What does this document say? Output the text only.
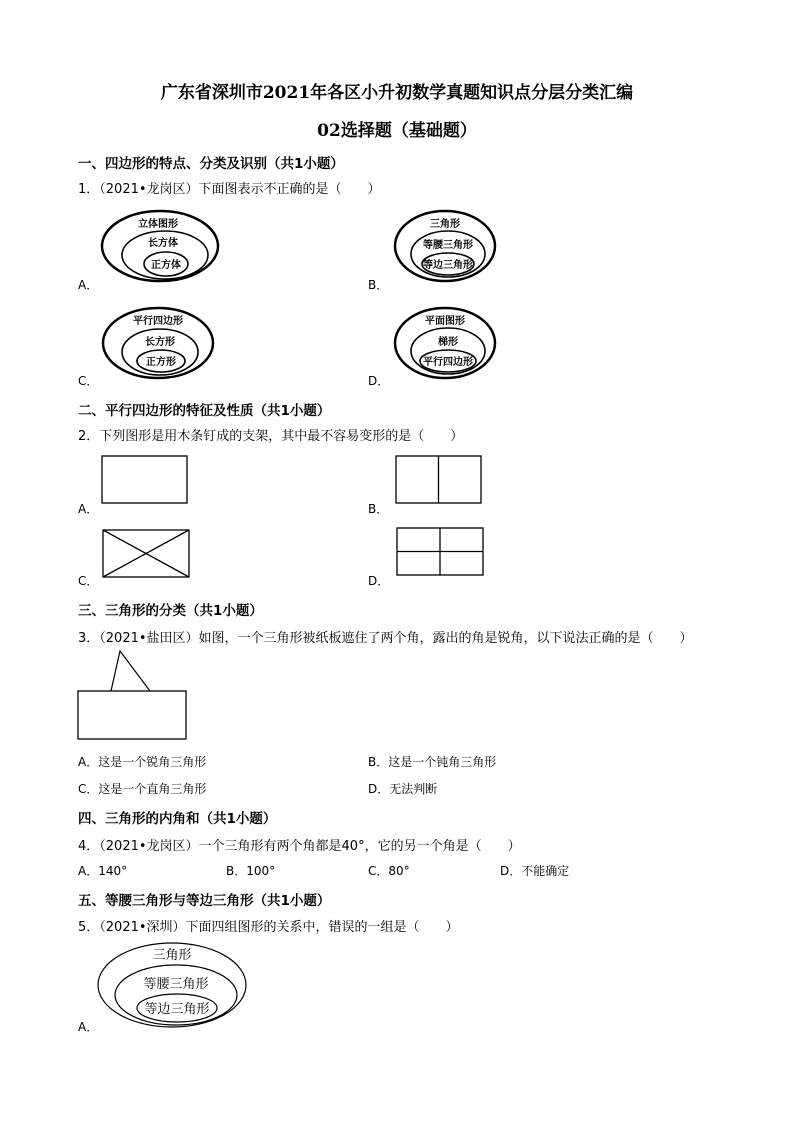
广东省深圳市2021年各区小升初数学真题知识点分层分类汇编
02选择题（基础题）
一、四边形的特点、分类及识别（共1小题）
1．（2021•龙岗区）下面图表示不正确的是（　　）
A．
立体图形
长方体
正方体
B．
三角形
等腰三角形
等边三角形
C．
平行四边形
长方形
正方形
D．
平面图形
梯形
平行四边形
二、平行四边形的特征及性质（共1小题）
2．下列图形是用木条钉成的支架，其中最不容易变形的是（　　）
A．	B．
C．	D．
三、三角形的分类（共1小题）
3．（2021•盐田区）如图，一个三角形被纸板遮住了两个角，露出的角是锐角，以下说法正确的是（　　）
A．这是一个锐角三角形	B．这是一个钝角三角形
C．这是一个直角三角形	D．无法判断
四、三角形的内角和（共1小题）
4．（2021•龙岗区）一个三角形有两个角都是40°，它的另一个角是（　　）
A．140°	B．100°	C．80°	D．不能确定
五、等腰三角形与等边三角形（共1小题）
5．（2021•深圳）下面四组图形的关系中，错误的一组是（　　）
三角形
等腰三角形
等边三角形
A．
